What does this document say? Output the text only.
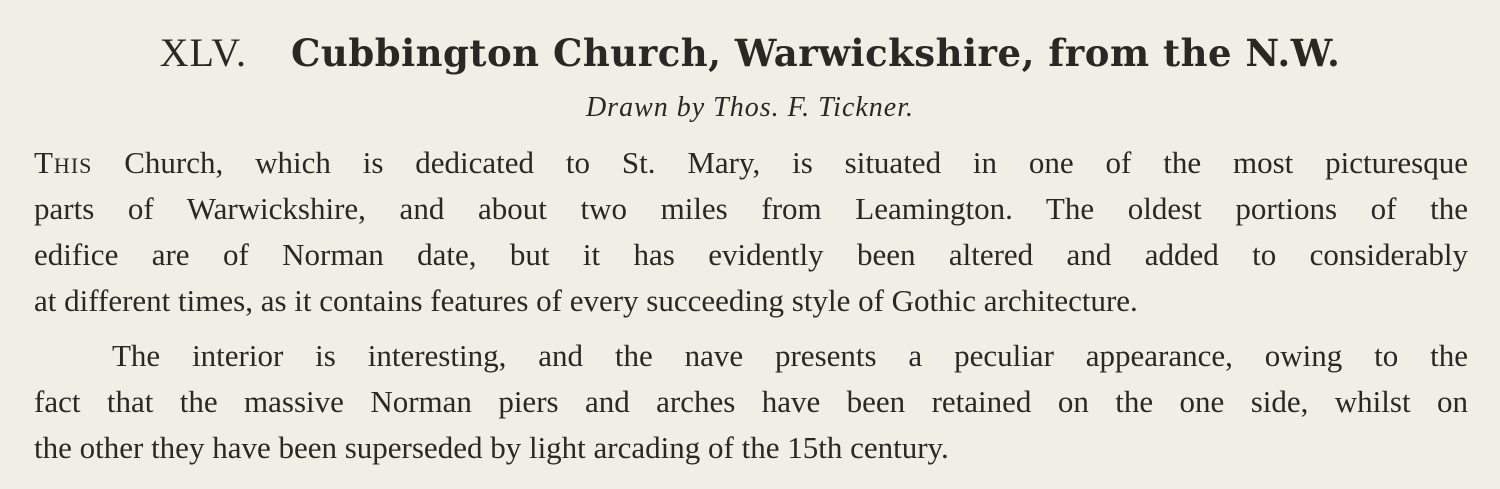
XLV. Cubbington Church, Warwickshire, from the N.W.
Drawn by Thos. F. Tickner.

This Church, which is dedicated to St. Mary, is situated in one of the most picturesque
parts of Warwickshire, and about two miles from Leamington. The oldest portions of the
edifice are of Norman date, but it has evidently been altered and added to considerably
at different times, as it contains features of every succeeding style of Gothic architecture.

The interior is interesting, and the nave presents a peculiar appearance, owing to the
fact that the massive Norman piers and arches have been retained on the one side, whilst on
the other they have been superseded by light arcading of the 15th century.
